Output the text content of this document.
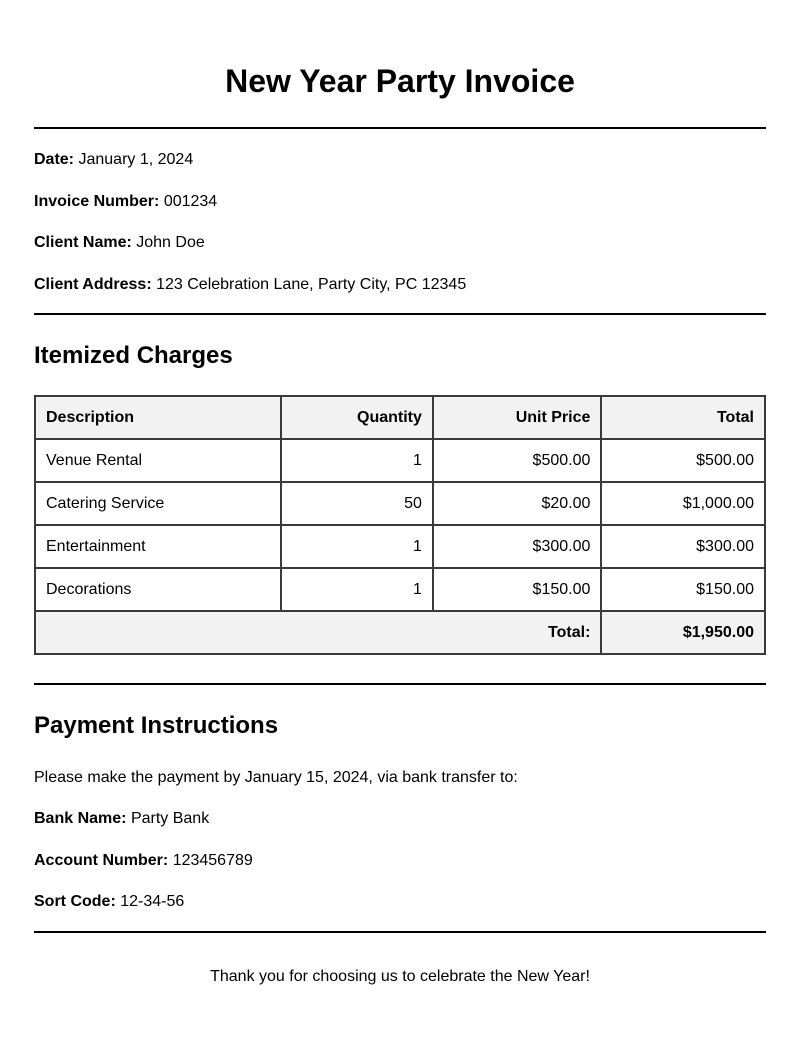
New Year Party Invoice
Date: January 1, 2024
Invoice Number: 001234
Client Name: John Doe
Client Address: 123 Celebration Lane, Party City, PC 12345
Itemized Charges
Description	Quantity	Unit Price	Total
Venue Rental	1	$500.00	$500.00
Catering Service	50	$20.00	$1,000.00
Entertainment	1	$300.00	$300.00
Decorations	1	$150.00	$150.00
Total:			$1,950.00
Payment Instructions
Please make the payment by January 15, 2024, via bank transfer to:
Bank Name: Party Bank
Account Number: 123456789
Sort Code: 12-34-56
Thank you for choosing us to celebrate the New Year!
